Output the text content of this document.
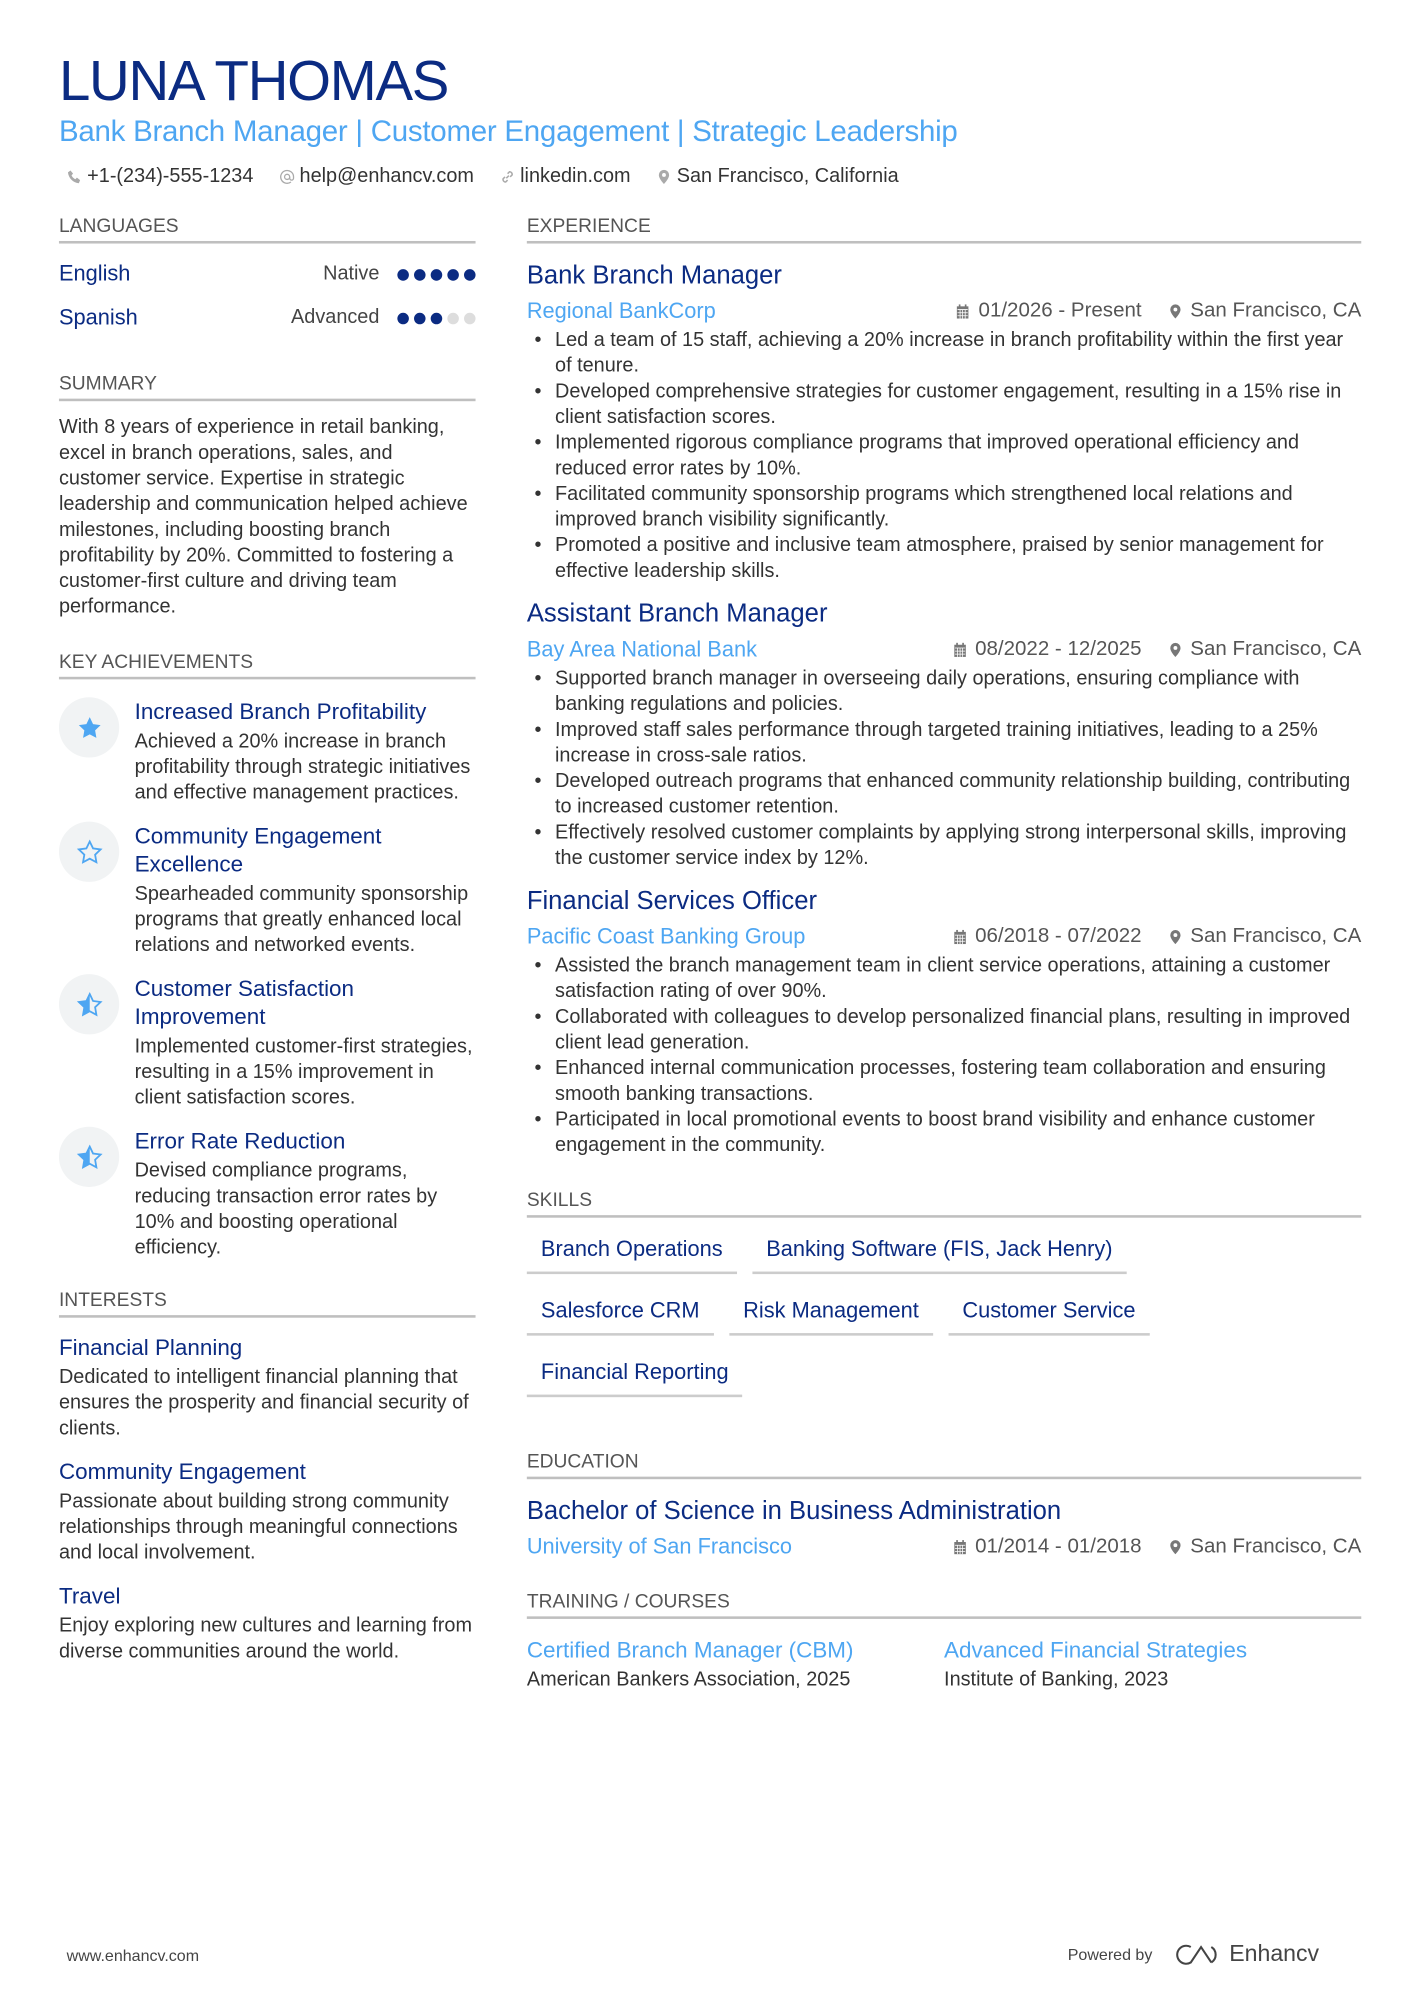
LUNA THOMAS
Bank Branch Manager | Customer Engagement | Strategic Leadership
+1-(234)-555-1234	help@enhancv.com	linkedin.com	San Francisco, California
LANGUAGES
English	Native
Spanish	Advanced
SUMMARY
With 8 years of experience in retail banking, excel in branch operations, sales, and customer service. Expertise in strategic leadership and communication helped achieve milestones, including boosting branch profitability by 20%. Committed to fostering a customer-first culture and driving team performance.
KEY ACHIEVEMENTS
Increased Branch Profitability
Achieved a 20% increase in branch profitability through strategic initiatives and effective management practices.
Community Engagement Excellence
Spearheaded community sponsorship programs that greatly enhanced local relations and networked events.
Customer Satisfaction Improvement
Implemented customer-first strategies, resulting in a 15% improvement in client satisfaction scores.
Error Rate Reduction
Devised compliance programs, reducing transaction error rates by 10% and boosting operational efficiency.
INTERESTS
Financial Planning
Dedicated to intelligent financial planning that ensures the prosperity and financial security of clients.
Community Engagement
Passionate about building strong community relationships through meaningful connections and local involvement.
Travel
Enjoy exploring new cultures and learning from diverse communities around the world.
EXPERIENCE
Bank Branch Manager
Regional BankCorp	01/2026 - Present	San Francisco, CA
• Led a team of 15 staff, achieving a 20% increase in branch profitability within the first year of tenure.
• Developed comprehensive strategies for customer engagement, resulting in a 15% rise in client satisfaction scores.
• Implemented rigorous compliance programs that improved operational efficiency and reduced error rates by 10%.
• Facilitated community sponsorship programs which strengthened local relations and improved branch visibility significantly.
• Promoted a positive and inclusive team atmosphere, praised by senior management for effective leadership skills.
Assistant Branch Manager
Bay Area National Bank	08/2022 - 12/2025	San Francisco, CA
• Supported branch manager in overseeing daily operations, ensuring compliance with banking regulations and policies.
• Improved staff sales performance through targeted training initiatives, leading to a 25% increase in cross-sale ratios.
• Developed outreach programs that enhanced community relationship building, contributing to increased customer retention.
• Effectively resolved customer complaints by applying strong interpersonal skills, improving the customer service index by 12%.
Financial Services Officer
Pacific Coast Banking Group	06/2018 - 07/2022	San Francisco, CA
• Assisted the branch management team in client service operations, attaining a customer satisfaction rating of over 90%.
• Collaborated with colleagues to develop personalized financial plans, resulting in improved client lead generation.
• Enhanced internal communication processes, fostering team collaboration and ensuring smooth banking transactions.
• Participated in local promotional events to boost brand visibility and enhance customer engagement in the community.
SKILLS
Branch Operations	Banking Software (FIS, Jack Henry)
Salesforce CRM	Risk Management	Customer Service
Financial Reporting
EDUCATION
Bachelor of Science in Business Administration
University of San Francisco	01/2014 - 01/2018	San Francisco, CA
TRAINING / COURSES
Certified Branch Manager (CBM)
American Bankers Association, 2025
Advanced Financial Strategies
Institute of Banking, 2023
www.enhancv.com	Powered by	Enhancv
